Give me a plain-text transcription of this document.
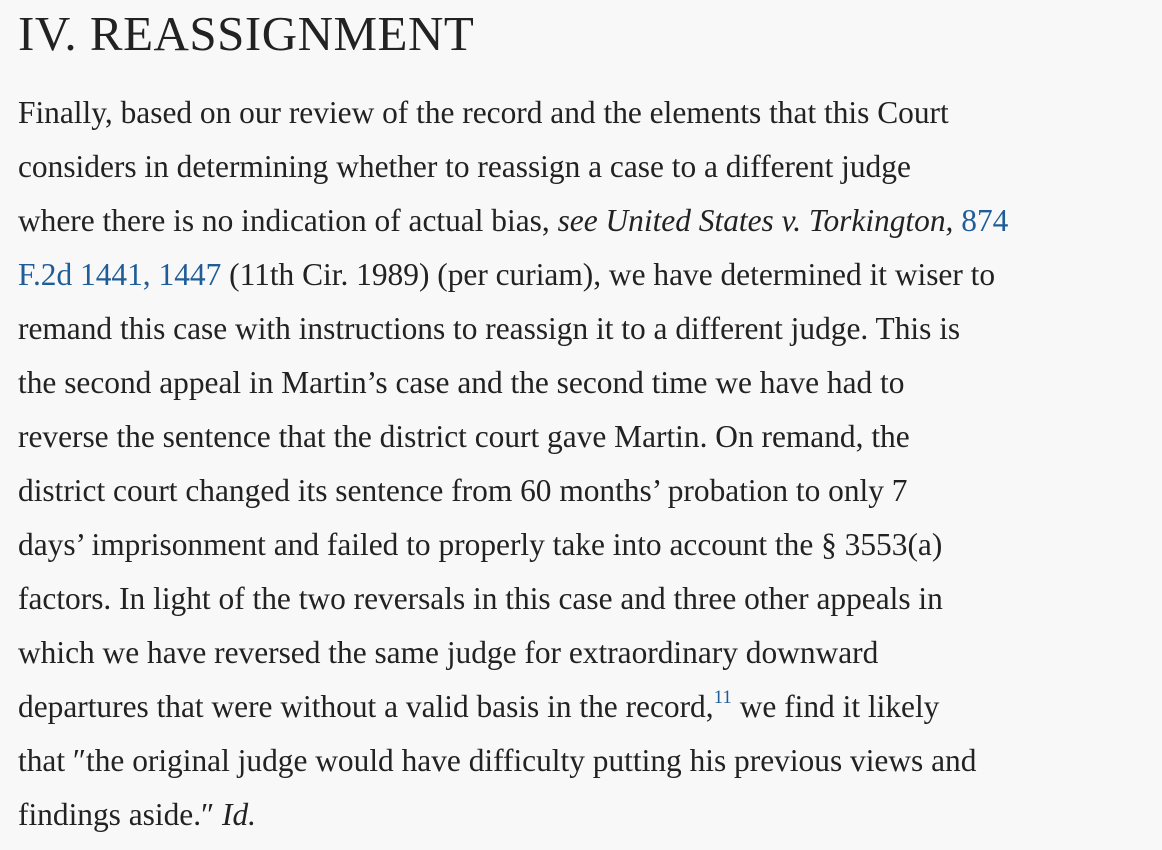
IV. REASSIGNMENT

Finally, based on our review of the record and the elements that this Court
considers in determining whether to reassign a case to a different judge
where there is no indication of actual bias, see United States v. Torkington, 874
F.2d 1441, 1447 (11th Cir. 1989) (per curiam), we have determined it wiser to
remand this case with instructions to reassign it to a different judge. This is
the second appeal in Martin’s case and the second time we have had to
reverse the sentence that the district court gave Martin. On remand, the
district court changed its sentence from 60 months’ probation to only 7
days’ imprisonment and failed to properly take into account the § 3553(a)
factors. In light of the two reversals in this case and three other appeals in
which we have reversed the same judge for extraordinary downward
departures that were without a valid basis in the record,$^{11}$ we find it likely
that ″the original judge would have difficulty putting his previous views and
findings aside.″ Id.
